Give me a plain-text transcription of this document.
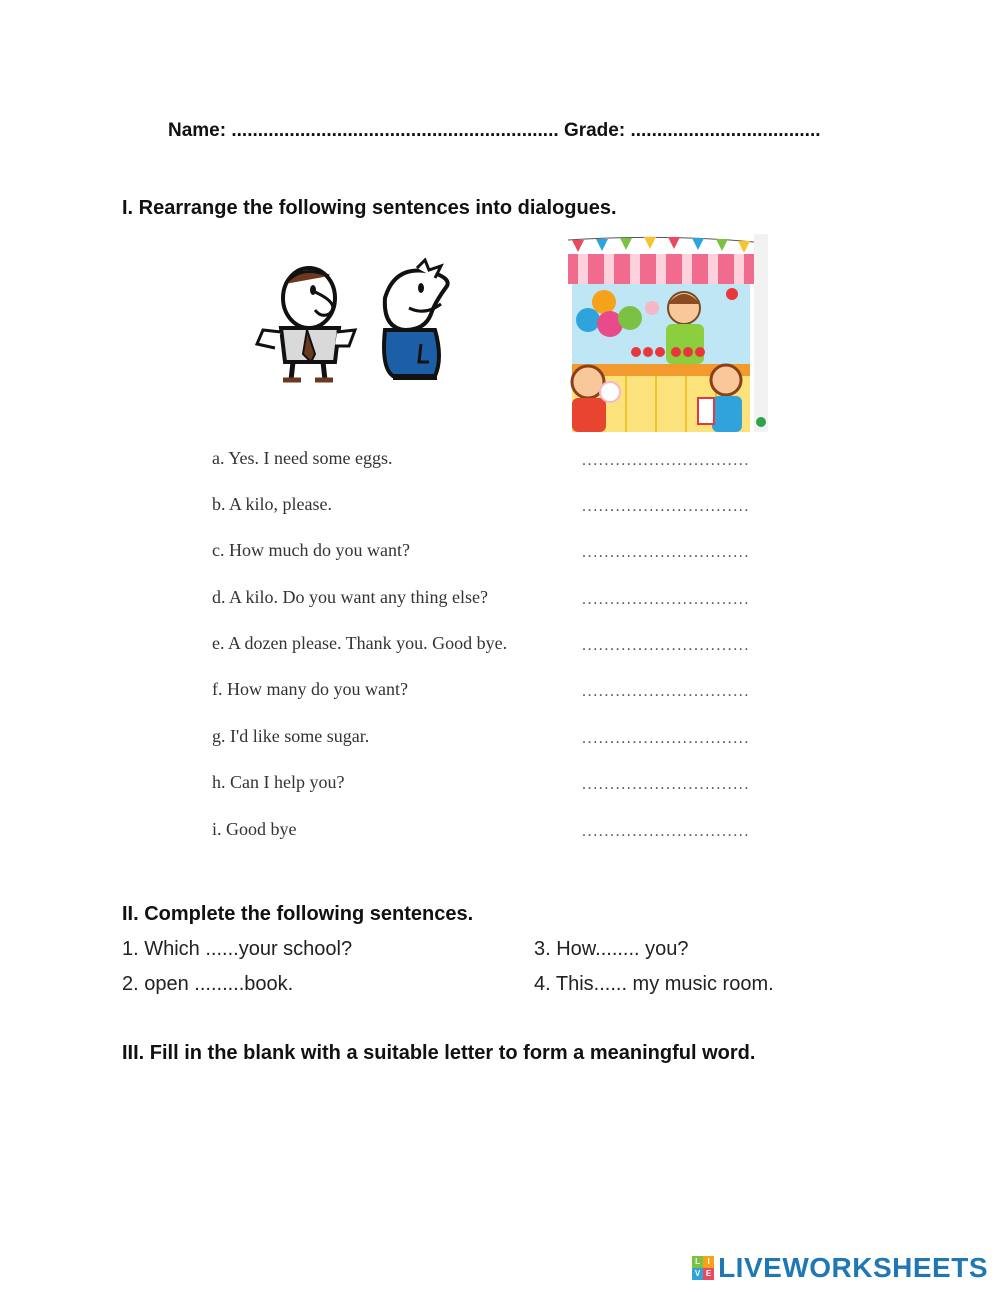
Name: .............................................................. Grade: ....................................
I. Rearrange the following sentences into dialogues.
a. Yes. I need some eggs.	..............................
b. A kilo, please.	..............................
c. How much do you want?	..............................
d. A kilo. Do you want any thing else?	..............................
e. A dozen please. Thank you. Good bye.	..............................
f. How many do you want?	..............................
g. I'd like some sugar.	..............................
h. Can I help you?	..............................
i. Good bye	..............................
II. Complete the following sentences.
1. Which ......your school?
2. open .........book.
3. How........ you?
4. This...... my music room.
III. Fill in the blank with a suitable letter to form a meaningful word.
L I
V E LIVEWORKSHEETS
